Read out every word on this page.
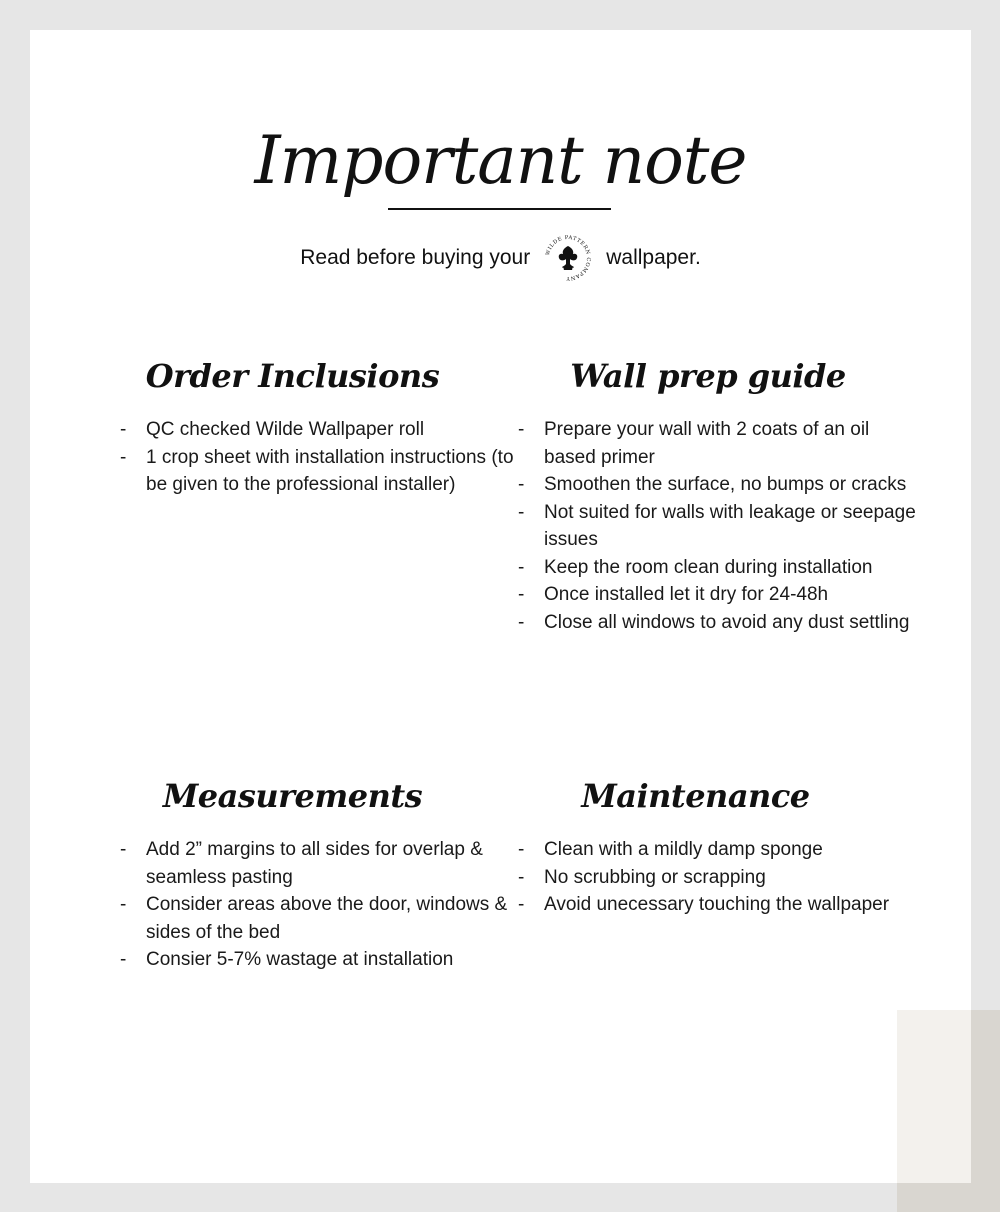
Important note
Read before buying your	WILDE PATTERN COMPANY
wallpaper.
Order Inclusions
- QC checked Wilde Wallpaper roll
- 1 crop sheet with installation instructions (to be given to the professional installer)
Wall prep guide
- Prepare your wall with 2 coats of an oil based primer
- Smoothen the surface, no bumps or cracks
- Not suited for walls with leakage or seepage issues
- Keep the room clean during installation
- Once installed let it dry for 24-48h
- Close all windows to avoid any dust settling
Measurements
- Add 2” margins to all sides for overlap & seamless pasting
- Consider areas above the door, windows & sides of the bed
- Consier 5-7% wastage at installation
Maintenance
- Clean with a mildly damp sponge
- No scrubbing or scrapping
- Avoid unecessary touching the wallpaper
